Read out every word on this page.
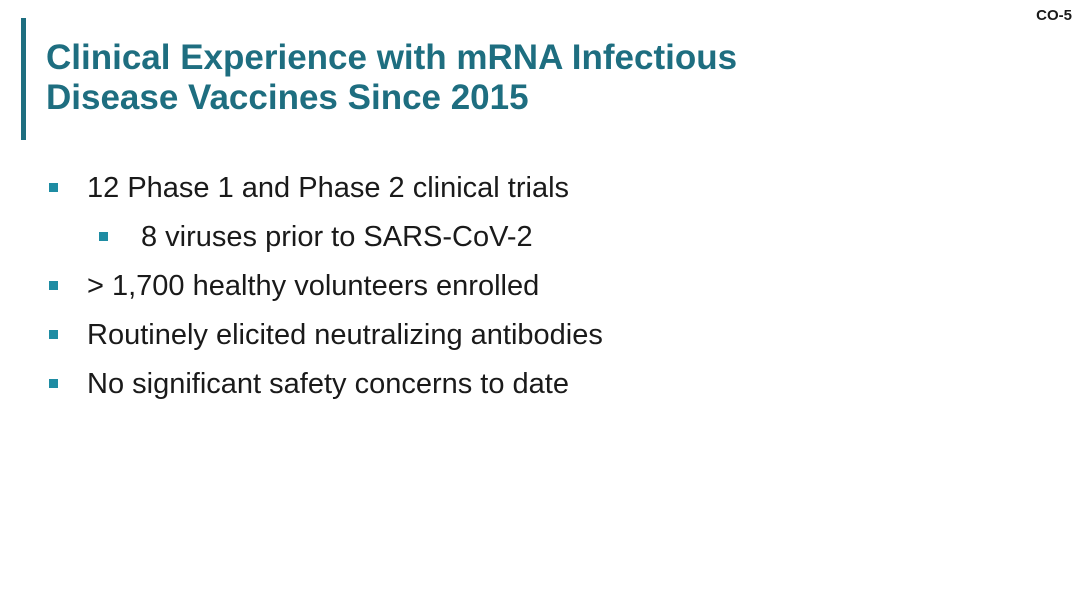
CO-5
Clinical Experience with mRNA Infectious
Disease Vaccines Since 2015
12 Phase 1 and Phase 2 clinical trials
8 viruses prior to SARS-CoV-2
> 1,700 healthy volunteers enrolled
Routinely elicited neutralizing antibodies
No significant safety concerns to date
